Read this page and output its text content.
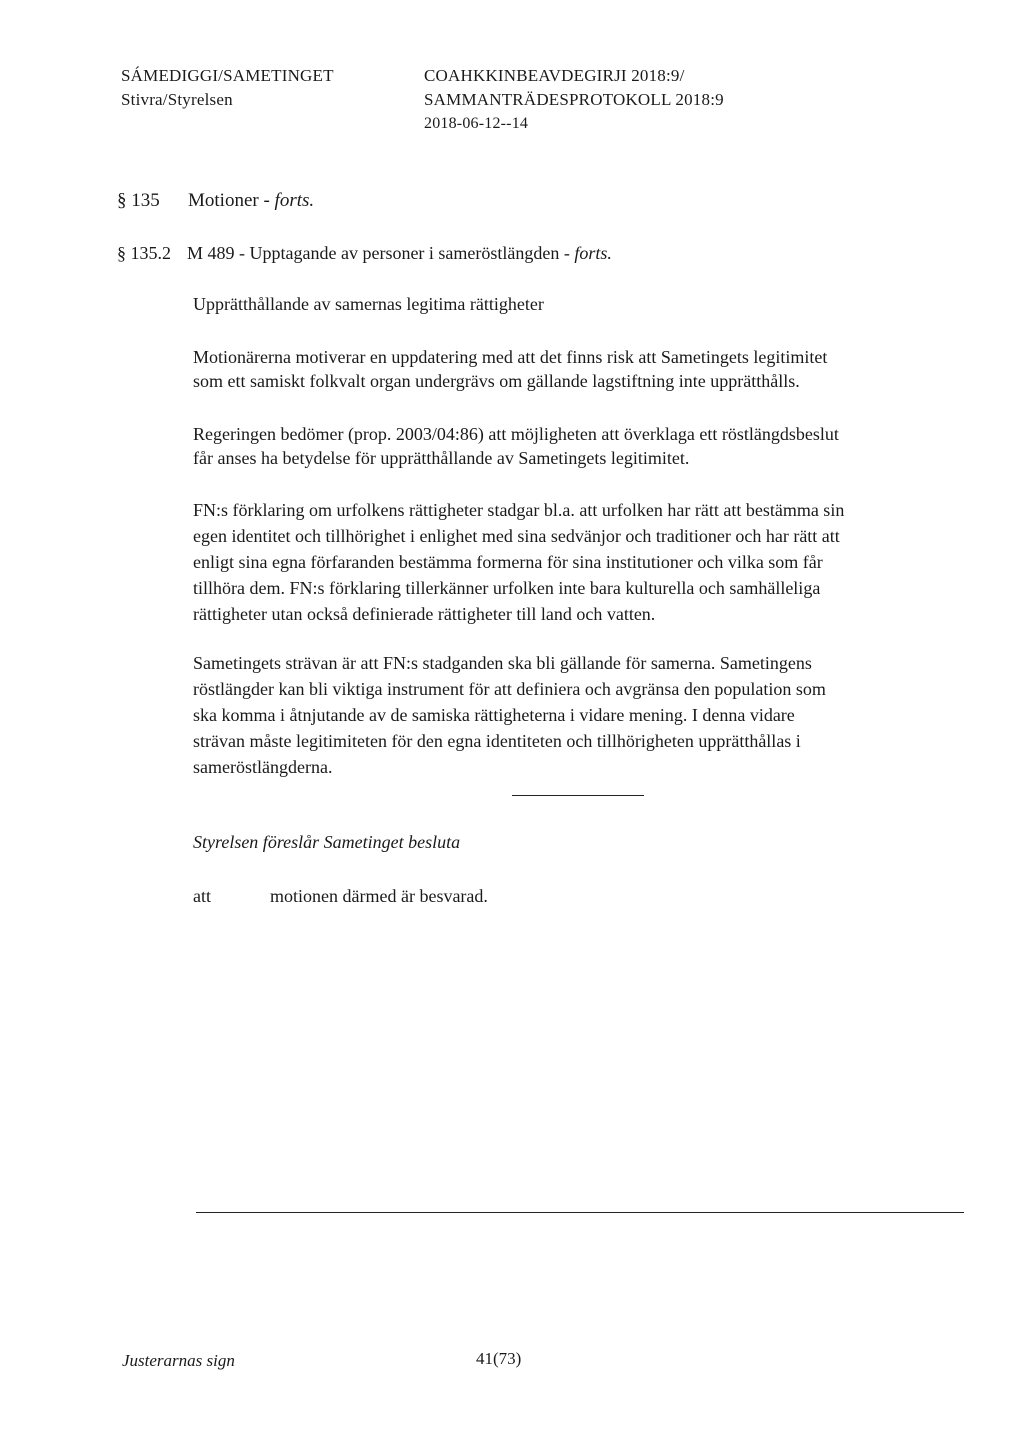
SÁMEDIGGI/SAMETINGET
Stivra/Styrelsen
COAHKKINBEAVDEGIRJI 2018:9/
SAMMANTRÄDESPROTOKOLL 2018:9
2018-06-12--14
§ 135 Motioner - forts.
§ 135.2 M 489 - Upptagande av personer i sameröstlängden - forts.
Upprätthållande av samernas legitima rättigheter

Motionärerna motiverar en uppdatering med att det finns risk att Sametingets legitimitet

som ett samiskt folkvalt organ undergrävs om gällande lagstiftning inte upprätthålls.

Regeringen bedömer (prop. 2003/04:86) att möjligheten att överklaga ett röstlängdsbeslut

får anses ha betydelse för upprätthållande av Sametingets legitimitet.

FN:s förklaring om urfolkens rättigheter stadgar bl.a. att urfolken har rätt att bestämma sin

egen identitet och tillhörighet i enlighet med sina sedvänjor och traditioner och har rätt att

enligt sina egna förfaranden bestämma formerna för sina institutioner och vilka som får

tillhöra dem. FN:s förklaring tillerkänner urfolken inte bara kulturella och samhälleliga

rättigheter utan också definierade rättigheter till land och vatten.

Sametingets strävan är att FN:s stadganden ska bli gällande för samerna. Sametingens

röstlängder kan bli viktiga instrument för att definiera och avgränsa den population som

ska komma i åtnjutande av de samiska rättigheterna i vidare mening. I denna vidare

strävan måste legitimiteten för den egna identiteten och tillhörigheten upprätthållas i

sameröstlängderna.

Styrelsen föreslår Sametinget besluta
att	motionen därmed är besvarad.
Justerarnas sign	41(73)
